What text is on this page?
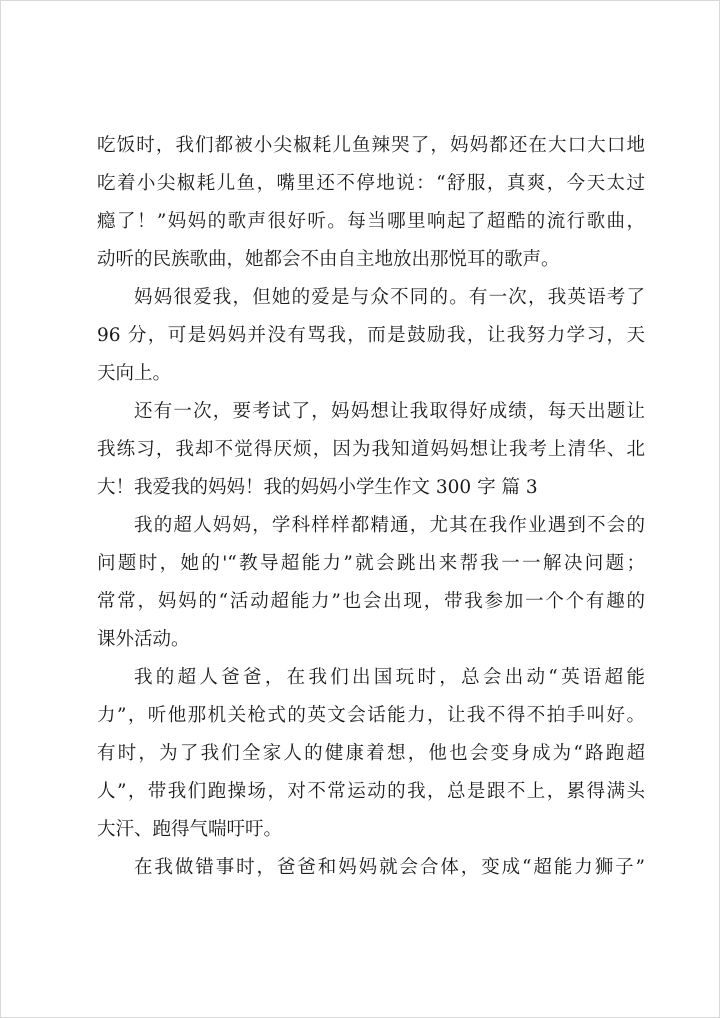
吃饭时，我们都被小尖椒耗儿鱼辣哭了，妈妈都还在大口大口地
吃着小尖椒耗儿鱼，嘴里还不停地说：“舒服，真爽，今天太过
瘾了！”妈妈的歌声很好听。每当哪里响起了超酷的流行歌曲，
动听的民族歌曲，她都会不由自主地放出那悦耳的歌声。
妈妈很爱我，但她的爱是与众不同的。有一次，我英语考了
96 分，可是妈妈并没有骂我，而是鼓励我，让我努力学习，天
天向上。
还有一次，要考试了，妈妈想让我取得好成绩，每天出题让
我练习，我却不觉得厌烦，因为我知道妈妈想让我考上清华、北
大！我爱我的妈妈！我的妈妈小学生作文 300 字 篇 3
我的超人妈妈，学科样样都精通，尤其在我作业遇到不会的
问题时，她的'“教导超能力”就会跳出来帮我一一解决问题；
常常，妈妈的“活动超能力”也会出现，带我参加一个个有趣的
课外活动。
我的超人爸爸，在我们出国玩时，总会出动“英语超能
力”，听他那机关枪式的英文会话能力，让我不得不拍手叫好。
有时，为了我们全家人的健康着想，他也会变身成为“路跑超
人”，带我们跑操场，对不常运动的我，总是跟不上，累得满头
大汗、跑得气喘吁吁。
在我做错事时，爸爸和妈妈就会合体，变成“超能力狮子”
